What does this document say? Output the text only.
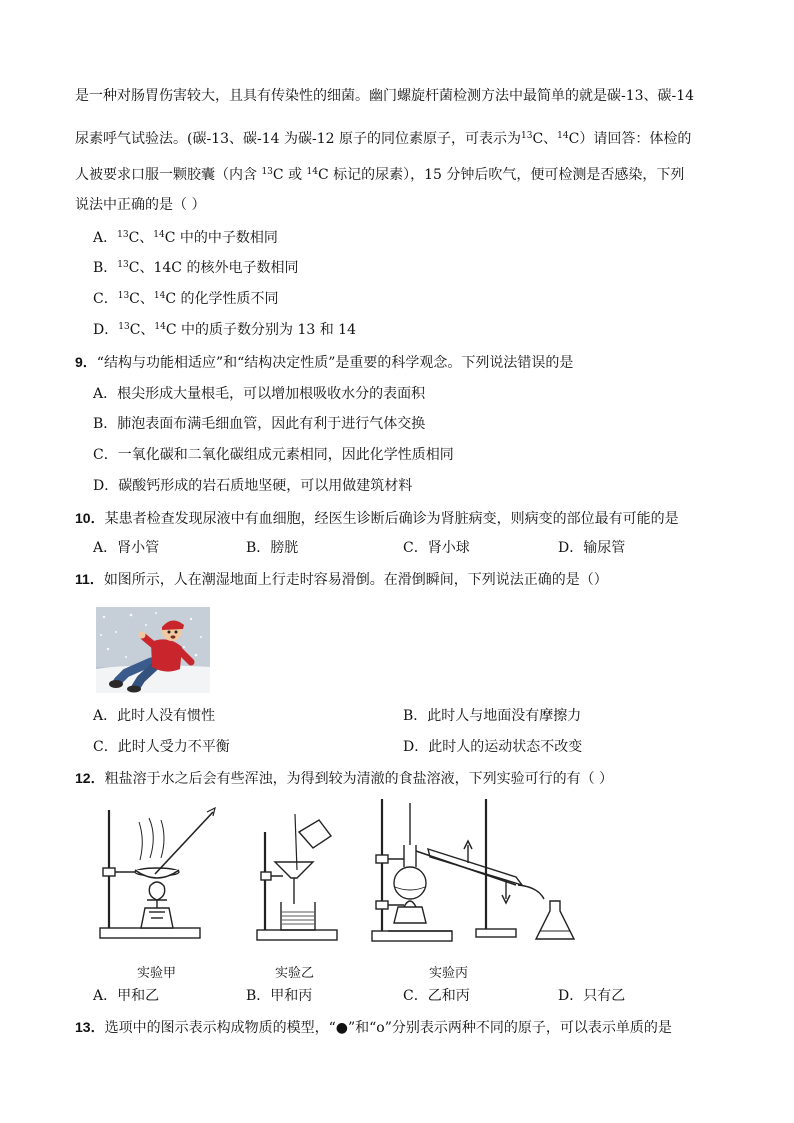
是一种对肠胃伤害较大，且具有传染性的细菌。幽门螺旋杆菌检测方法中最简单的就是碳-13、碳-14
尿素呼气试验法。(碳-13、碳-14 为碳-12 原子的同位素原子，可表示为$^{13}$C、$^{14}$C）请回答：体检的
人被要求口服一颗胶囊（内含 $^{13}$C 或 $^{14}$C 标记的尿素），15 分钟后吹气，便可检测是否感染，下列
说法中正确的是（ ）
A．$^{13}$C、$^{14}$C 中的中子数相同
B．$^{13}$C、14C 的核外电子数相同
C．$^{13}$C、$^{14}$C 的化学性质不同
D．$^{13}$C、$^{14}$C 中的质子数分别为 13 和 14
9．“结构与功能相适应”和“结构决定性质”是重要的科学观念。下列说法错误的是
A．根尖形成大量根毛，可以增加根吸收水分的表面积
B．肺泡表面布满毛细血管，因此有利于进行气体交换
C．一氧化碳和二氧化碳组成元素相同，因此化学性质相同
D．碳酸钙形成的岩石质地坚硬，可以用做建筑材料
10．某患者检查发现尿液中有血细胞，经医生诊断后确诊为肾脏病变，则病变的部位最有可能的是
A．肾小管	B．膀胱	C．肾小球	D．输尿管
11．如图所示，人在潮湿地面上行走时容易滑倒。在滑倒瞬间，下列说法正确的是（）
A．此时人没有惯性	B．此时人与地面没有摩擦力
C．此时人受力不平衡	D．此时人的运动状态不改变
12．粗盐溶于水之后会有些浑浊，为得到较为清澈的食盐溶液，下列实验可行的有（ ）
实验甲	实验乙	实验丙
A．甲和乙	B．甲和丙	C．乙和丙	D．只有乙
13．选项中的图示表示构成物质的模型，“●”和“o”分别表示两种不同的原子，可以表示单质的是
